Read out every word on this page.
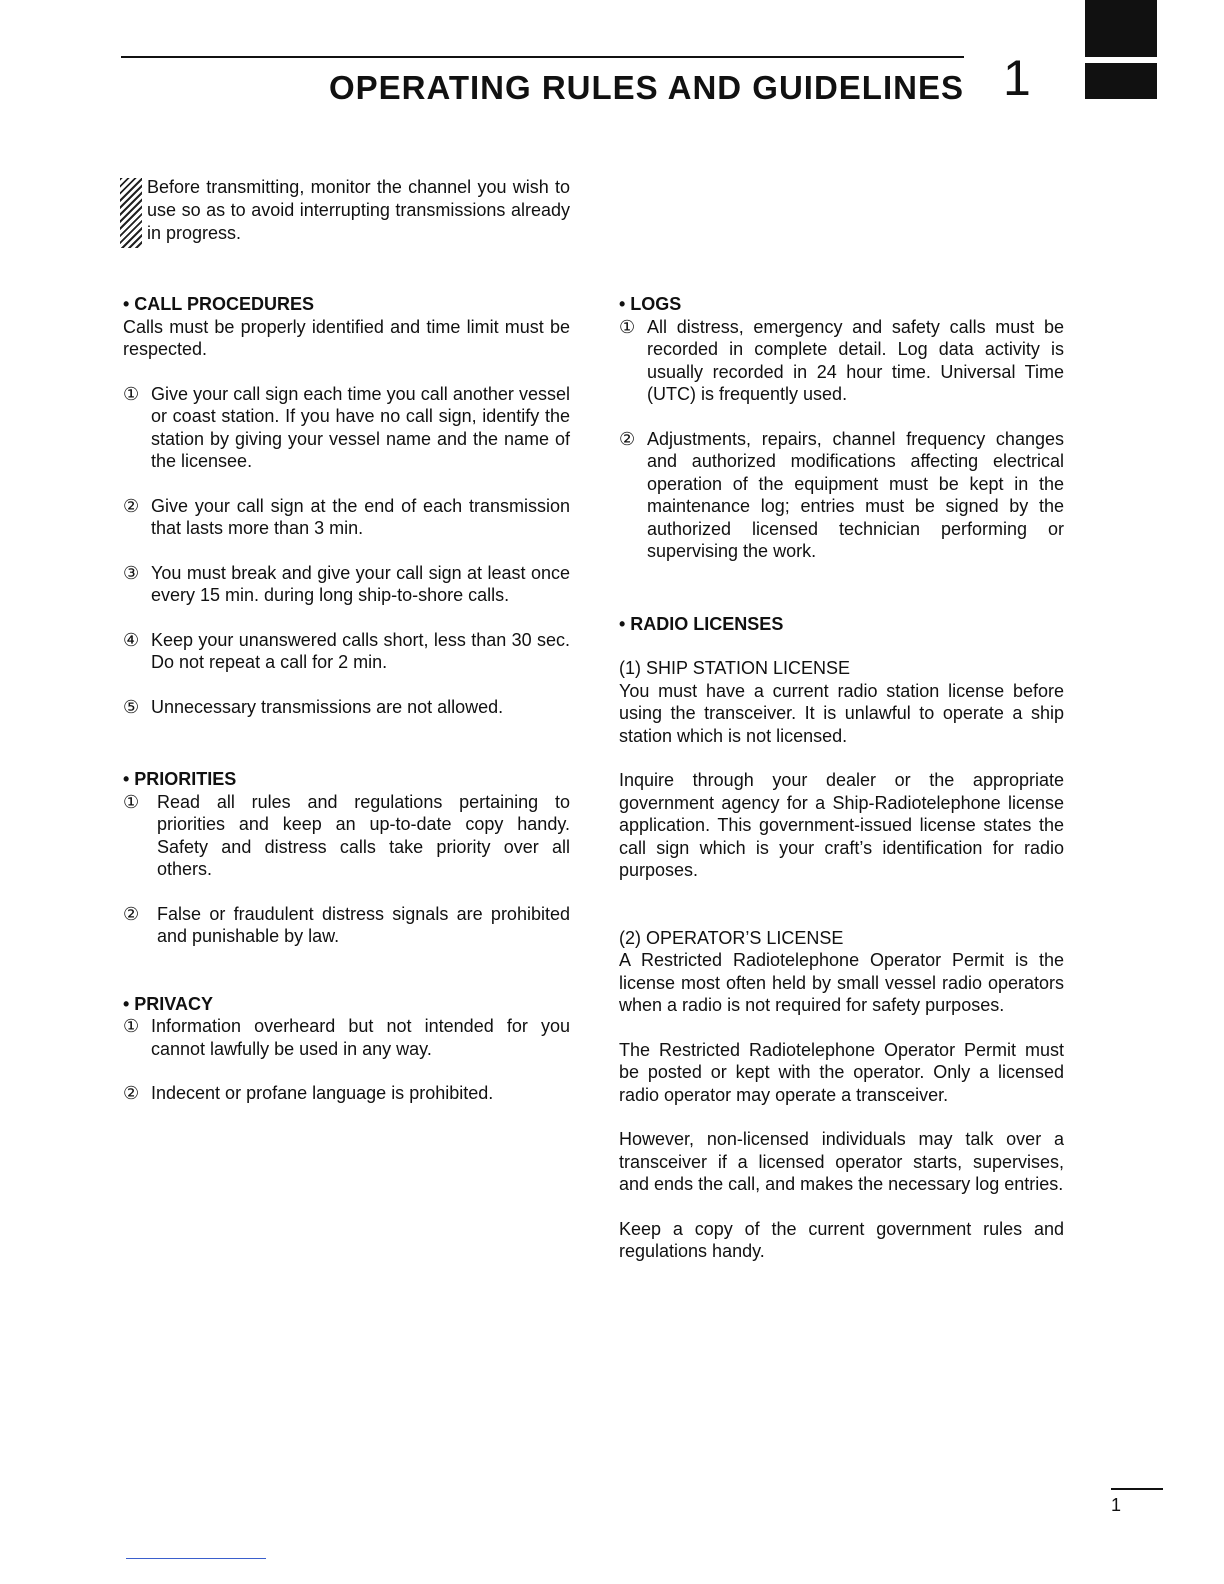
OPERATING RULES AND GUIDELINES 1

Before transmitting, monitor the channel you wish to use so as to avoid interrupting transmissions already in progress.

• CALL PROCEDURES

Calls must be properly identified and time limit must be respected.

① Give your call sign each time you call another vessel or coast station. If you have no call sign, identify the station by giving your vessel name and the name of the licensee.
② Give your call sign at the end of each transmission that lasts more than 3 min.
③ You must break and give your call sign at least once every 15 min. during long ship-to-shore calls.
④ Keep your unanswered calls short, less than 30 sec. Do not repeat a call for 2 min.
⑤ Unnecessary transmissions are not allowed.
• PRIORITIES
① Read all rules and regulations pertaining to priorities and keep an up-to-date copy handy. Safety and distress calls take priority over all others.
② False or fraudulent distress signals are prohibited and punishable by law.
• PRIVACY
① Information overheard but not intended for you cannot lawfully be used in any way.
② Indecent or profane language is prohibited.
• LOGS
① All distress, emergency and safety calls must be recorded in complete detail. Log data activity is usually recorded in 24 hour time. Universal Time (UTC) is frequently used.
② Adjustments, repairs, channel frequency changes and authorized modifications affecting electrical operation of the equipment must be kept in the maintenance log; entries must be signed by the authorized licensed technician performing or supervising the work.
• RADIO LICENSES
(1) SHIP STATION LICENSE

You must have a current radio station license before using the transceiver. It is unlawful to operate a ship station which is not licensed.

Inquire through your dealer or the appropriate government agency for a Ship-Radiotelephone license application. This government-issued license states the call sign which is your craft’s identification for radio purposes.

(2) OPERATOR’S LICENSE

A Restricted Radiotelephone Operator Permit is the license most often held by small vessel radio operators when a radio is not required for safety purposes.

The Restricted Radiotelephone Operator Permit must be posted or kept with the operator. Only a licensed radio operator may operate a transceiver.

However, non-licensed individuals may talk over a transceiver if a licensed operator starts, supervises, and ends the call, and makes the necessary log entries.

Keep a copy of the current government rules and regulations handy.

1
